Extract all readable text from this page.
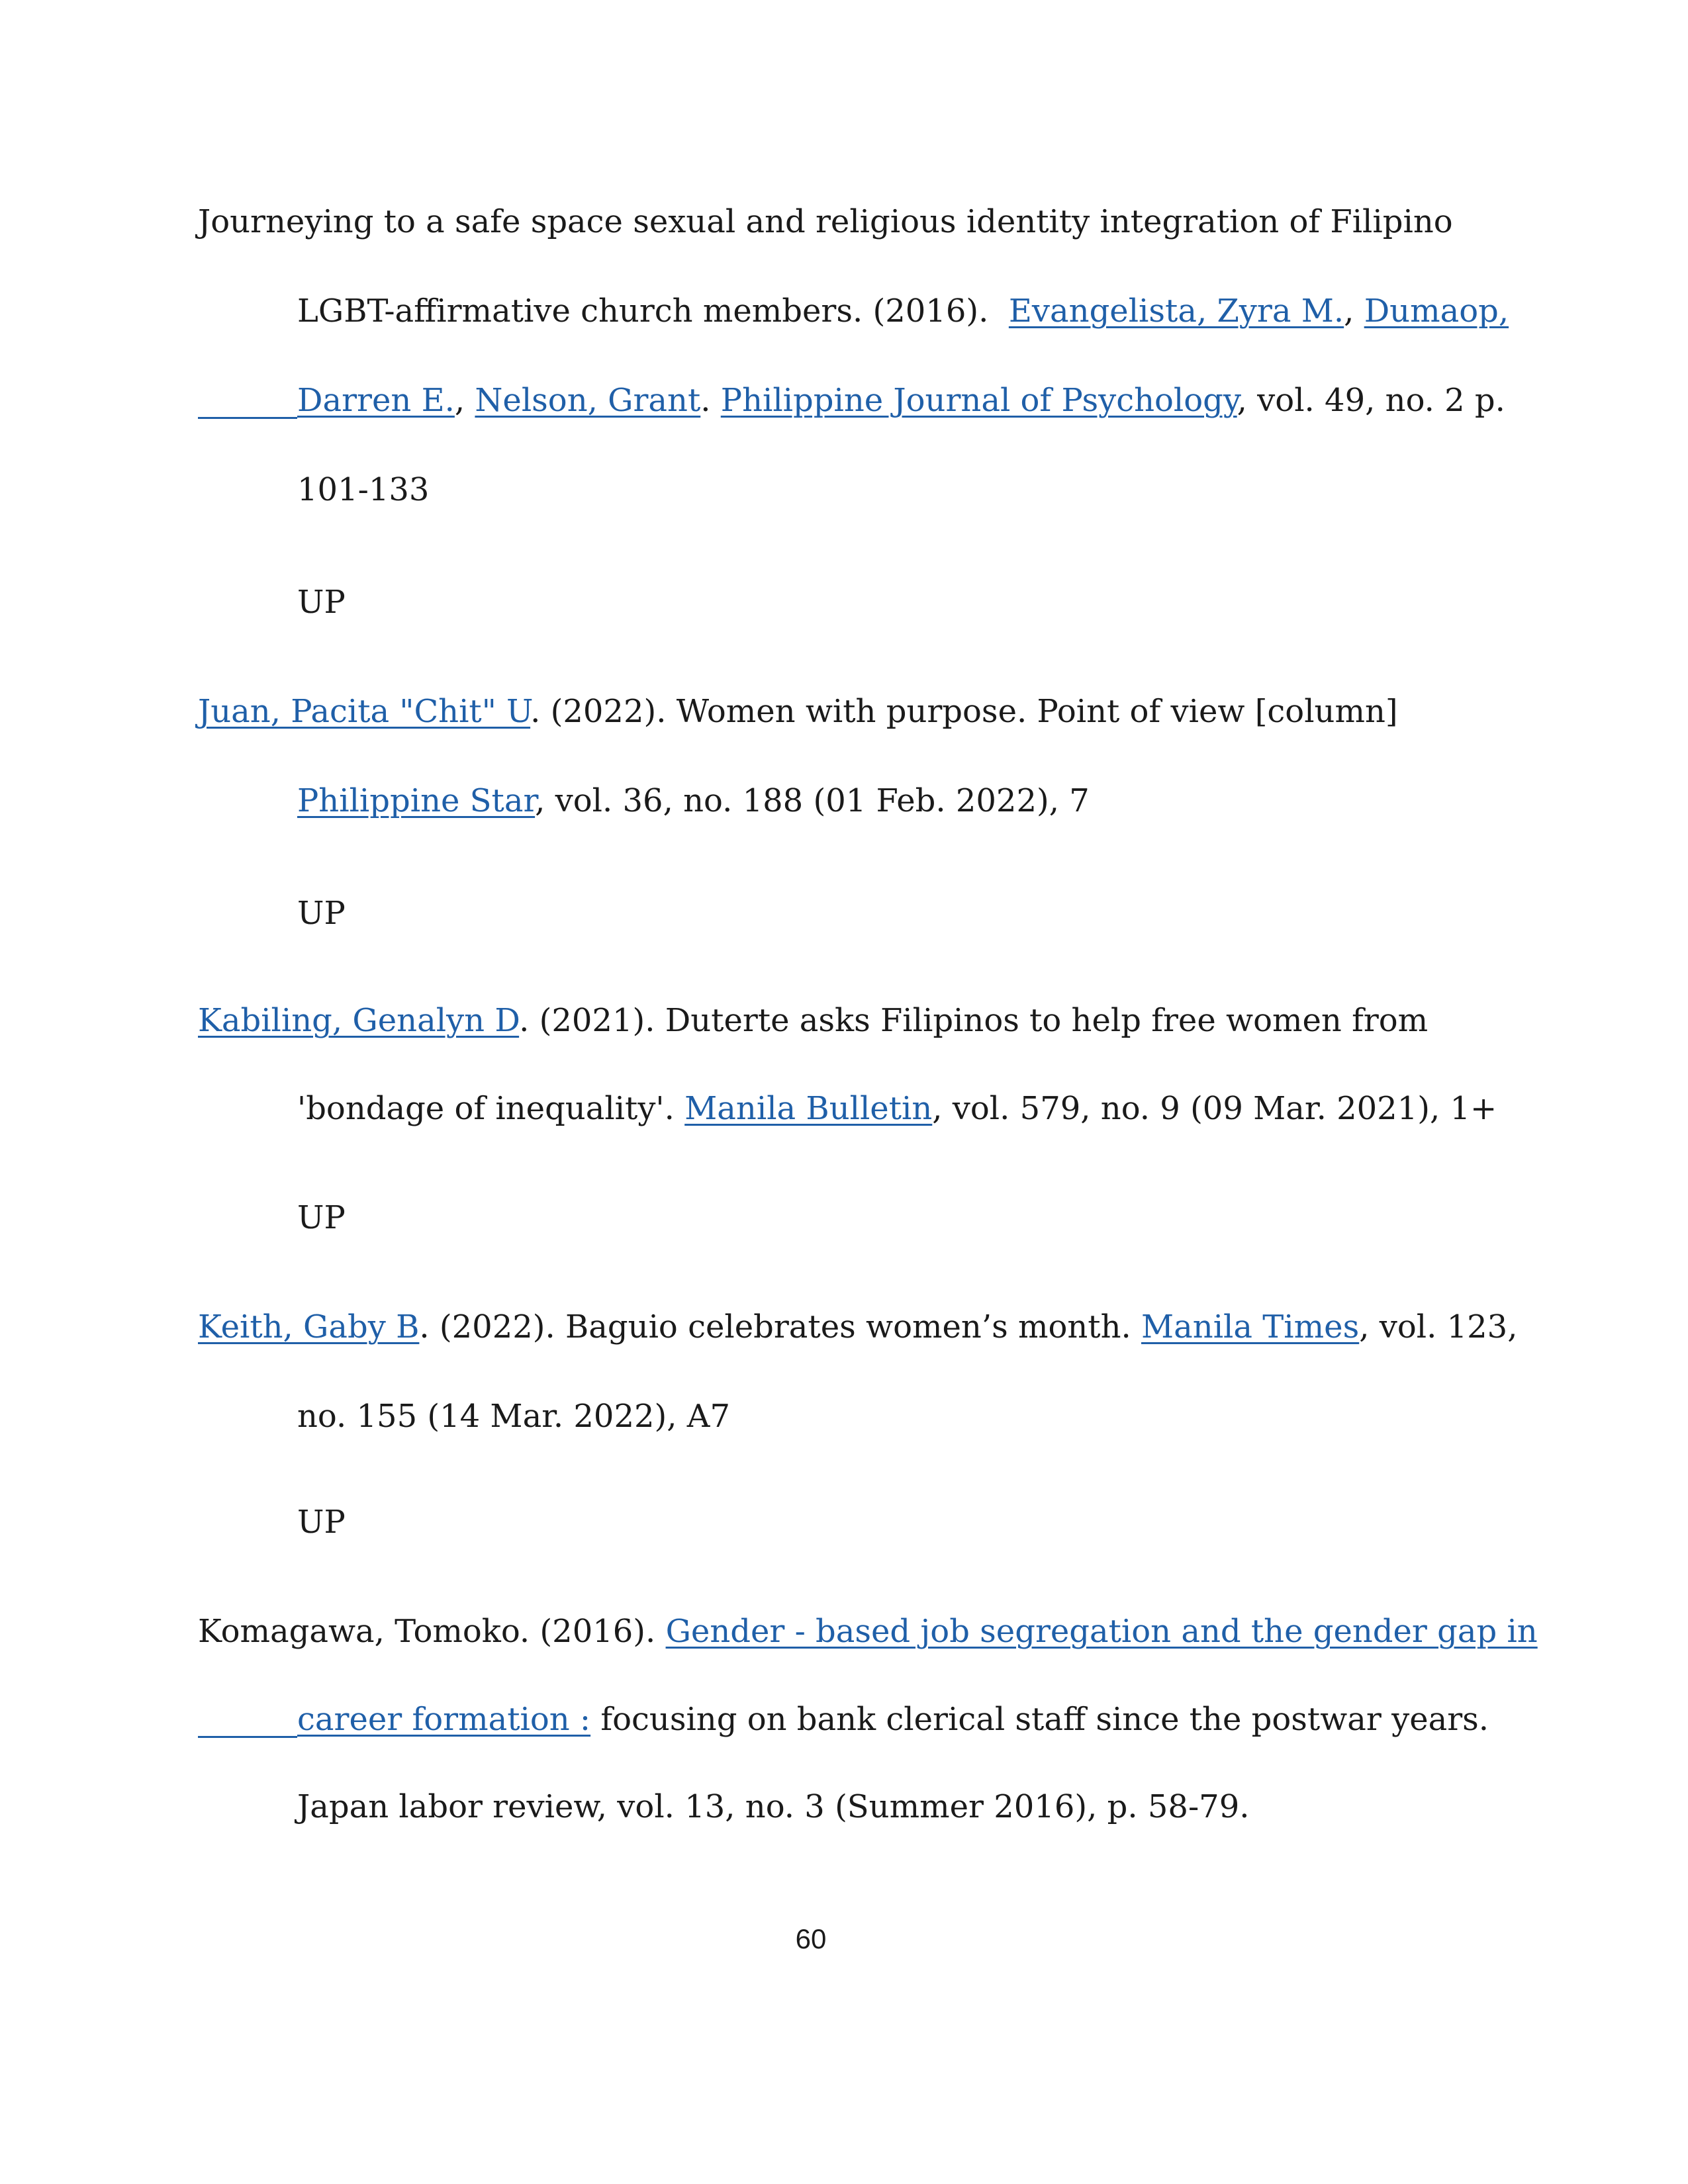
Journeying to a safe space sexual and religious identity integration of Filipino
LGBT-affirmative church members. (2016). Evangelista, Zyra M., Dumaop,
Darren E., Nelson, Grant. Philippine Journal of Psychology, vol. 49, no. 2 p.
101-133
UP
Juan, Pacita "Chit" U. (2022). Women with purpose. Point of view [column]
Philippine Star, vol. 36, no. 188 (01 Feb. 2022), 7
UP
Kabiling, Genalyn D. (2021). Duterte asks Filipinos to help free women from
'bondage of inequality'. Manila Bulletin, vol. 579, no. 9 (09 Mar. 2021), 1+
UP
Keith, Gaby B. (2022). Baguio celebrates women’s month. Manila Times, vol. 123,
no. 155 (14 Mar. 2022), A7
UP
Komagawa, Tomoko. (2016). Gender - based job segregation and the gender gap in
career formation : focusing on bank clerical staff since the postwar years.
Japan labor review, vol. 13, no. 3 (Summer 2016), p. 58-79.
60
